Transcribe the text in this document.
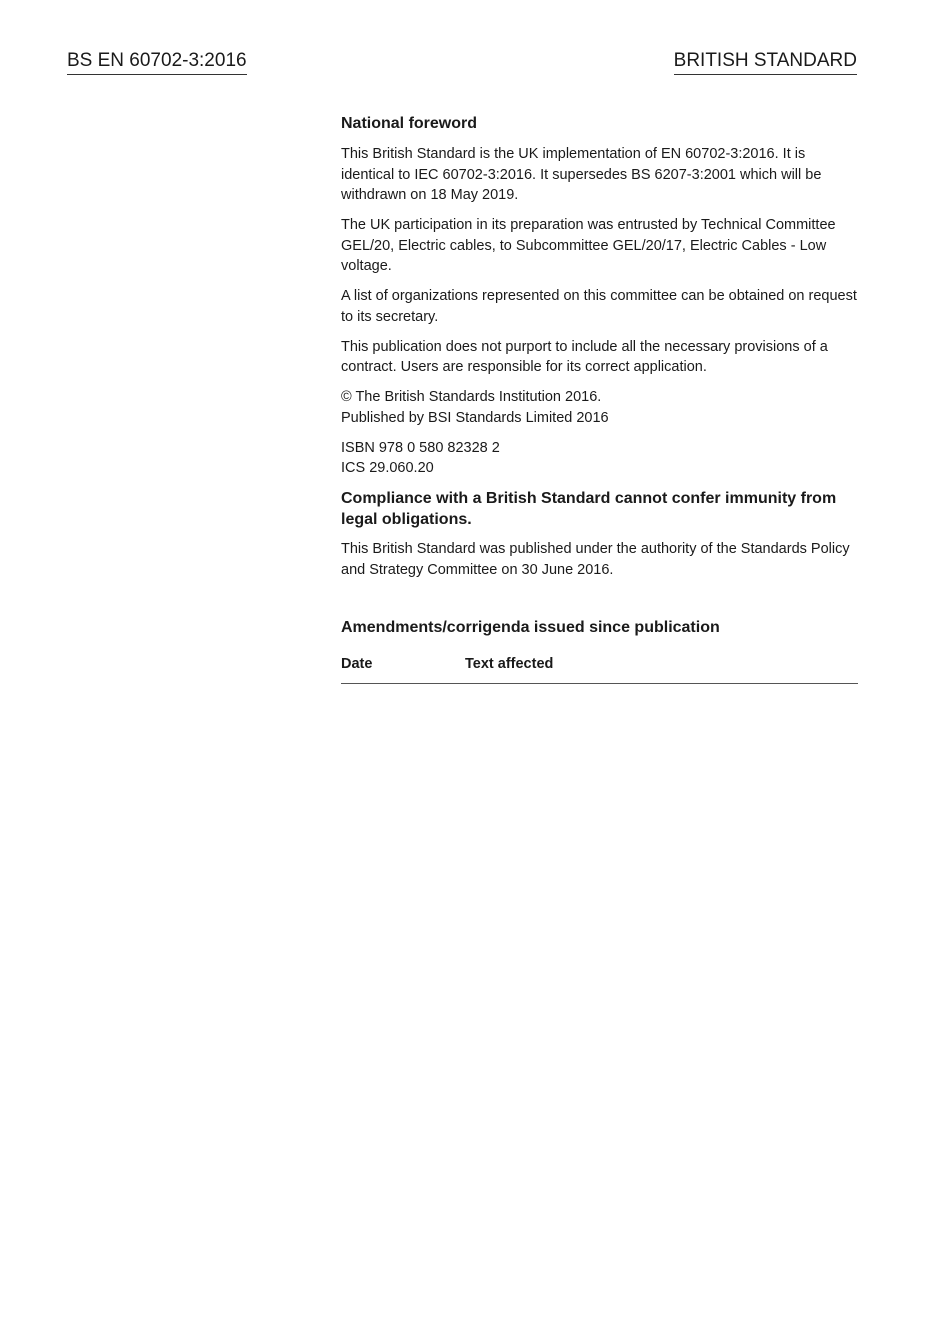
BS EN 60702-3:2016	BRITISH STANDARD
National foreword

This British Standard is the UK implementation of EN 60702-3:2016. It is identical to IEC 60702-3:2016. It supersedes BS 6207-3:2001 which will be withdrawn on 18 May 2019.

The UK participation in its preparation was entrusted by Technical Committee GEL/20, Electric cables, to Subcommittee GEL/20/17, Electric Cables - Low voltage.

A list of organizations represented on this committee can be obtained on request to its secretary.

This publication does not purport to include all the necessary provisions of a contract. Users are responsible for its correct application.

© The British Standards Institution 2016.
Published by BSI Standards Limited 2016

ISBN 978 0 580 82328 2
ICS 29.060.20

Compliance with a British Standard cannot confer immunity from legal obligations.

This British Standard was published under the authority of the Standards Policy and Strategy Committee on 30 June 2016.

Amendments/corrigenda issued since publication
Date	Text affected
